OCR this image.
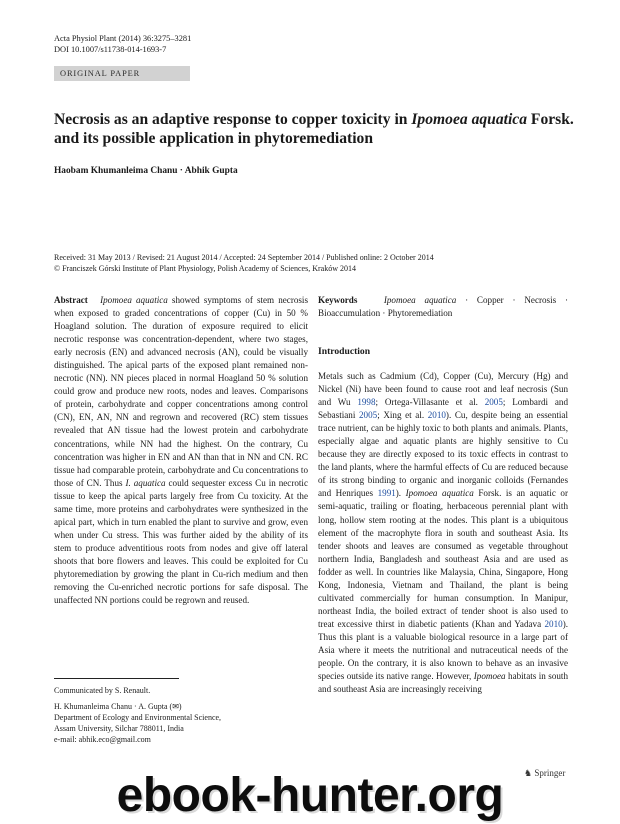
Acta Physiol Plant (2014) 36:3275–3281
DOI 10.1007/s11738-014-1693-7
ORIGINAL PAPER
Necrosis as an adaptive response to copper toxicity in Ipomoea aquatica Forsk. and its possible application in phytoremediation
Haobam Khumanleima Chanu · Abhik Gupta
Received: 31 May 2013 / Revised: 21 August 2014 / Accepted: 24 September 2014 / Published online: 2 October 2014
© Franciszek Górski Institute of Plant Physiology, Polish Academy of Sciences, Kraków 2014
Abstract Ipomoea aquatica showed symptoms of stem necrosis when exposed to graded concentrations of copper (Cu) in 50 % Hoagland solution. The duration of exposure required to elicit necrotic response was concentration-dependent, where two stages, early necrosis (EN) and advanced necrosis (AN), could be visually distinguished. The apical parts of the exposed plant remained non-necrotic (NN). NN pieces placed in normal Hoagland 50 % solution could grow and produce new roots, nodes and leaves. Comparisons of protein, carbohydrate and copper concentrations among control (CN), EN, AN, NN and regrown and recovered (RC) stem tissues revealed that AN tissue had the lowest protein and carbohydrate concentrations, while NN had the highest. On the contrary, Cu concentration was higher in EN and AN than that in NN and CN. RC tissue had comparable protein, carbohydrate and Cu concentrations to those of CN. Thus I. aquatica could sequester excess Cu in necrotic tissue to keep the apical parts largely free from Cu toxicity. At the same time, more proteins and carbohydrates were synthesized in the apical part, which in turn enabled the plant to survive and grow, even when under Cu stress. This was further aided by the ability of its stem to produce adventitious roots from nodes and give off lateral shoots that bore flowers and leaves. This could be exploited for Cu phytoremediation by growing the plant in Cu-rich medium and then removing the Cu-enriched necrotic portions for safe disposal. The unaffected NN portions could be regrown and reused.
Keywords	Ipomoea aquatica · Copper · Necrosis · Bioaccumulation · Phytoremediation
Introduction
Metals such as Cadmium (Cd), Copper (Cu), Mercury (Hg) and Nickel (Ni) have been found to cause root and leaf necrosis (Sun and Wu 1998; Ortega-Villasante et al. 2005; Lombardi and Sebastiani 2005; Xing et al. 2010). Cu, despite being an essential trace nutrient, can be highly toxic to both plants and animals. Plants, especially algae and aquatic plants are highly sensitive to Cu because they are directly exposed to its toxic effects in contrast to the land plants, where the harmful effects of Cu are reduced because of its strong binding to organic and inorganic colloids (Fernandes and Henriques 1991). Ipomoea aquatica Forsk. is an aquatic or semi-aquatic, trailing or floating, herbaceous perennial plant with long, hollow stem rooting at the nodes. This plant is a ubiquitous element of the macrophyte flora in south and southeast Asia. Its tender shoots and leaves are consumed as vegetable throughout northern India, Bangladesh and southeast Asia and are used as fodder as well. In countries like Malaysia, China, Singapore, Hong Kong, Indonesia, Vietnam and Thailand, the plant is being cultivated commercially for human consumption. In Manipur, northeast India, the boiled extract of tender shoot is also used to treat excessive thirst in diabetic patients (Khan and Yadava 2010). Thus this plant is a valuable biological resource in a large part of Asia where it meets the nutritional and nutraceutical needs of the people. On the contrary, it is also known to behave as an invasive species outside its native range. However, Ipomoea habitats in south and southeast Asia are increasingly receiving
Communicated by S. Renault.
H. Khumanleima Chanu · A. Gupta (✉)
Department of Ecology and Environmental Science,
Assam University, Silchar 788011, India
e-mail: abhik.eco@gmail.com
♞ Springer
ebook-hunter.org
